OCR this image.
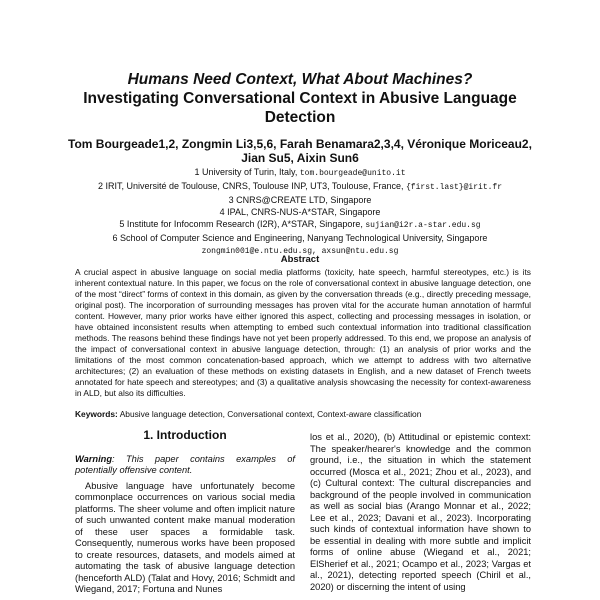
Humans Need Context, What About Machines?
Investigating Conversational Context in Abusive Language
Detection
Tom Bourgeade1,2, Zongmin Li3,5,6, Farah Benamara2,3,4, Véronique Moriceau2,
Jian Su5, Aixin Sun6
1 University of Turin, Italy, tom.bourgeade@unito.it
2 IRIT, Université de Toulouse, CNRS, Toulouse INP, UT3, Toulouse, France, {first.last}@irit.fr
3 CNRS@CREATE LTD, Singapore
4 IPAL, CNRS-NUS-A*STAR, Singapore
5 Institute for Infocomm Research (I2R), A*STAR, Singapore, sujian@i2r.a-star.edu.sg
6 School of Computer Science and Engineering, Nanyang Technological University, Singapore
zongmin001@e.ntu.edu.sg, axsun@ntu.edu.sg
Abstract
A crucial aspect in abusive language on social media platforms (toxicity, hate speech, harmful stereotypes, etc.) is its inherent contextual nature. In this paper, we focus on the role of conversational context in abusive language detection, one of the most “direct” forms of context in this domain, as given by the conversation threads (e.g., directly preceding message, original post). The incorporation of surrounding messages has proven vital for the accurate human annotation of harmful content. However, many prior works have either ignored this aspect, collecting and processing messages in isolation, or have obtained inconsistent results when attempting to embed such contextual information into traditional classification methods. The reasons behind these findings have not yet been properly addressed. To this end, we propose an analysis of the impact of conversational context in abusive language detection, through: (1) an analysis of prior works and the limitations of the most common concatenation-based approach, which we attempt to address with two alternative architectures; (2) an evaluation of these methods on existing datasets in English, and a new dataset of French tweets annotated for hate speech and stereotypes; and (3) a qualitative analysis showcasing the necessity for context-awareness in ALD, but also its difficulties.
Keywords: Abusive language detection, Conversational context, Context-aware classification
1. Introduction

Warning: This paper contains examples of potentially offensive content.

Abusive language have unfortunately become commonplace occurrences on various social media platforms. The sheer volume and often implicit nature of such unwanted content make manual moderation of these user spaces a formidable task. Consequently, numerous works have been proposed to create resources, datasets, and models aimed at automating the task of abusive language detection (henceforth ALD) (Talat and Hovy, 2016; Schmidt and Wiegand, 2017; Fortuna and Nunes

los et al., 2020), (b) Attitudinal or epistemic context: The speaker/hearer's knowledge and the common ground, i.e., the situation in which the statement occurred (Mosca et al., 2021; Zhou et al., 2023), and (c) Cultural context: The cultural discrepancies and background of the people involved in communication as well as social bias (Arango Monnar et al., 2022; Lee et al., 2023; Davani et al., 2023). Incorporating such kinds of contextual information have shown to be essential in dealing with more subtle and implicit forms of online abuse (Wiegand et al., 2021; ElSherief et al., 2021; Ocampo et al., 2023; Vargas et al., 2021), detecting reported speech (Chiril et al., 2020) or discerning the intent of using
